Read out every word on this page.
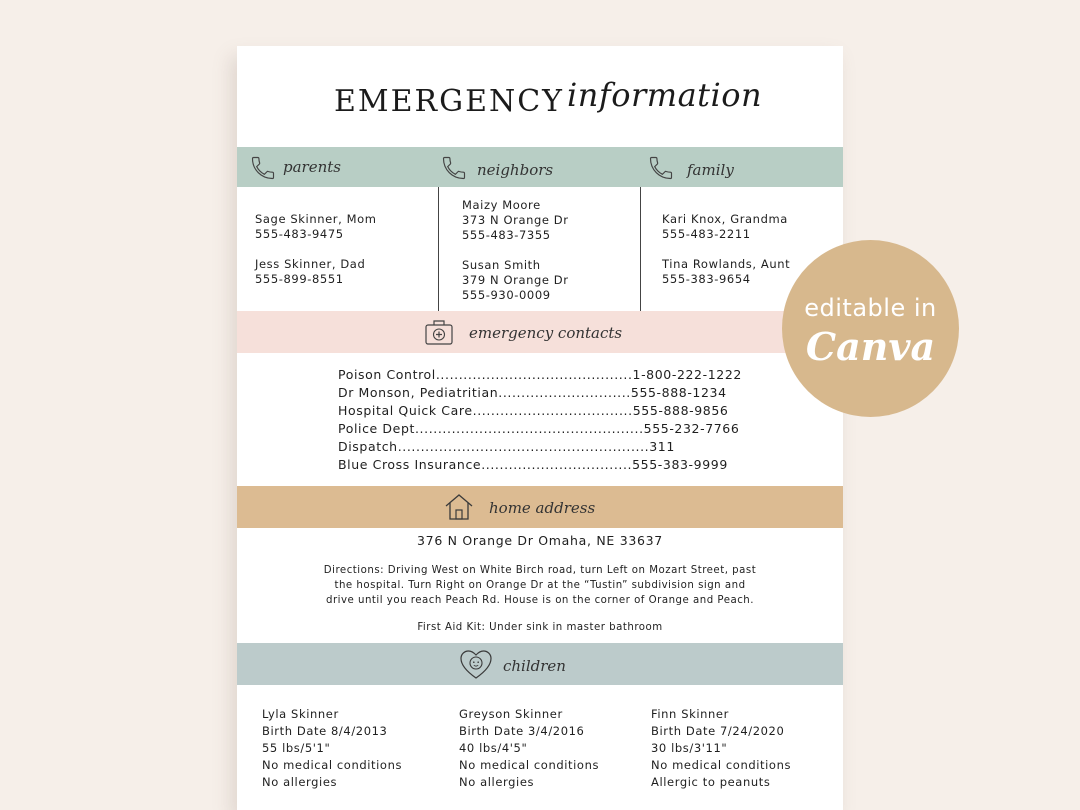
EMERGENCY information
parents	neighbors	family
Sage Skinner, Mom
555-483-9475
Jess Skinner, Dad
555-899-8551
Maizy Moore
373 N Orange Dr
555-483-7355
Susan Smith
379 N Orange Dr
555-930-0009
Kari Knox, Grandma
555-483-2211
Tina Rowlands, Aunt
555-383-9654
emergency contacts
Poison Control...........................................1-800-222-1222
Dr Monson, Pediatritian.............................555-888-1234
Hospital Quick Care...................................555-888-9856
Police Dept..................................................555-232-7766
Dispatch.......................................................311
Blue Cross Insurance.................................555-383-9999
home address
376 N Orange Dr Omaha, NE 33637
Directions: Driving West on White Birch road, turn Left on Mozart Street, past
the hospital. Turn Right on Orange Dr at the “Tustin” subdivision sign and
drive until you reach Peach Rd. House is on the corner of Orange and Peach.
First Aid Kit: Under sink in master bathroom
children
Lyla Skinner
Birth Date 8/4/2013
55 lbs/5'1"
No medical conditions
No allergies
Greyson Skinner
Birth Date 3/4/2016
40 lbs/4'5"
No medical conditions
No allergies
Finn Skinner
Birth Date 7/24/2020
30 lbs/3'11"
No medical conditions
Allergic to peanuts
editable in
Canva
